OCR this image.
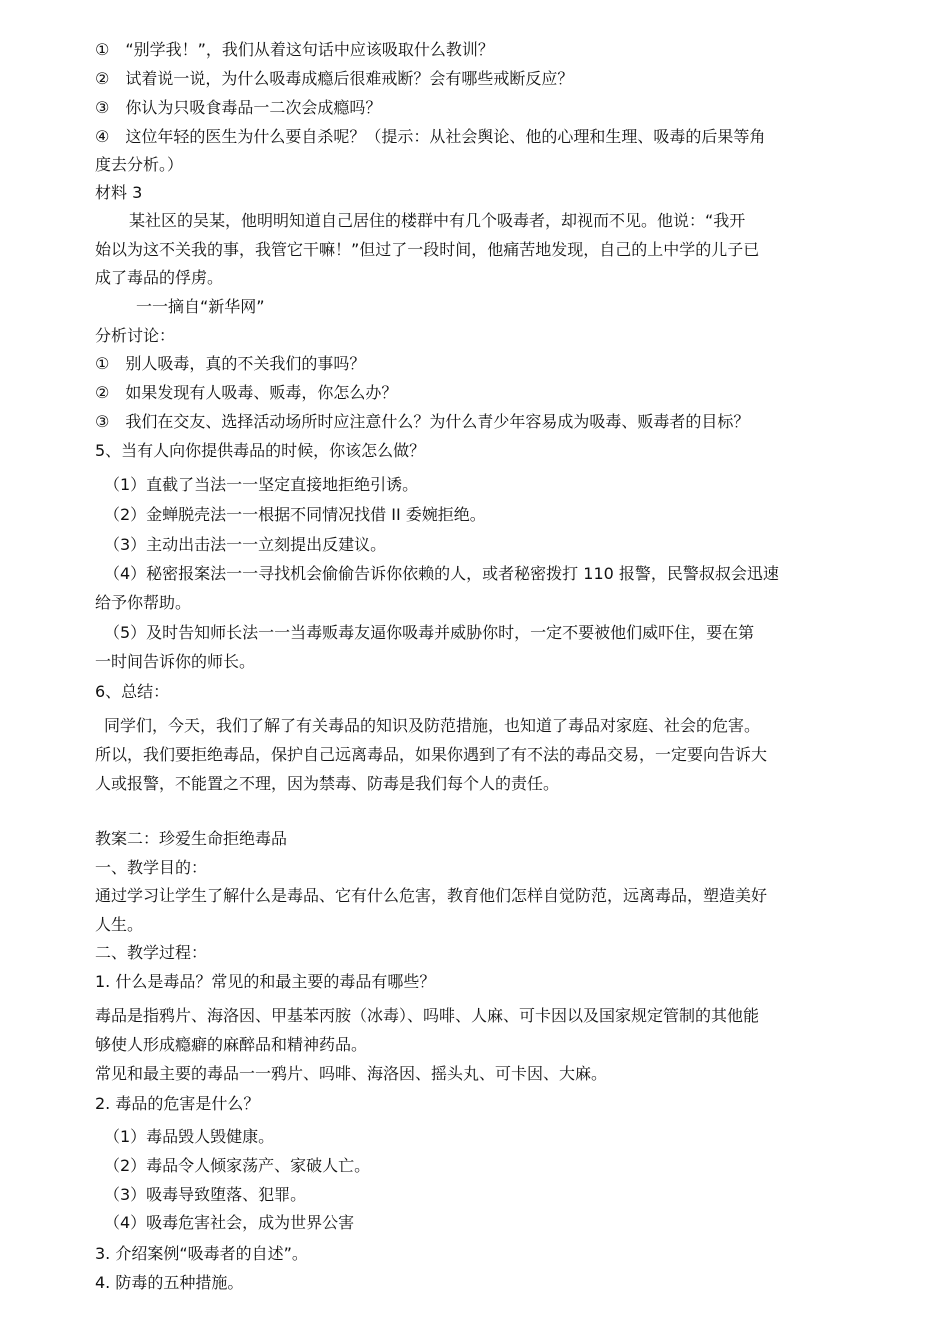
①　“别学我！”，我们从着这句话中应该吸取什么教训？
②　试着说一说，为什么吸毒成瘾后很难戒断？会有哪些戒断反应？
③　你认为只吸食毒品一二次会成瘾吗？
④　这位年轻的医生为什么要自杀呢？（提示：从社会舆论、他的心理和生理、吸毒的后果等角
度去分析。）
材料 3
某社区的吴某，他明明知道自己居住的楼群中有几个吸毒者，却视而不见。他说：“我开
始以为这不关我的事，我管它干嘛！”但过了一段时间，他痛苦地发现，自己的上中学的儿子已
成了毒品的俘虏。
一一摘自“新华网”
分析讨论：
①　别人吸毒，真的不关我们的事吗？
②　如果发现有人吸毒、贩毒，你怎么办？
③　我们在交友、选择活动场所时应注意什么？为什么青少年容易成为吸毒、贩毒者的目标？
5、当有人向你提供毒品的时候，你该怎么做？
（1）直截了当法一一坚定直接地拒绝引诱。
（2）金蝉脱壳法一一根据不同情况找借 II 委婉拒绝。
（3）主动出击法一一立刻提出反建议。
（4）秘密报案法一一寻找机会偷偷告诉你依赖的人，或者秘密拨打 110 报警，民警叔叔会迅速
给予你帮助。
（5）及时告知师长法一一当毒贩毒友逼你吸毒并威胁你时，一定不要被他们威吓住，要在第
一时间告诉你的师长。
6、总结：
同学们，今天，我们了解了有关毒品的知识及防范措施，也知道了毒品对家庭、社会的危害。
所以，我们要拒绝毒品，保护自己远离毒品，如果你遇到了有不法的毒品交易，一定要向告诉大
人或报警，不能置之不理，因为禁毒、防毒是我们每个人的责任。
教案二：珍爱生命拒绝毒品
一、教学目的：
通过学习让学生了解什么是毒品、它有什么危害，教育他们怎样自觉防范，远离毒品，塑造美好
人生。
二、教学过程：
1. 什么是毒品？常见的和最主要的毒品有哪些？
毒品是指鸦片、海洛因、甲基苯丙胺（冰毒）、吗啡、人麻、可卡因以及国家规定管制的其他能
够使人形成瘾癖的麻醉品和精神药品。
常见和最主要的毒品一一鸦片、吗啡、海洛因、摇头丸、可卡因、大麻。
2. 毒品的危害是什么？
（1）毒品毁人毁健康。
（2）毒品令人倾家荡产、家破人亡。
（3）吸毒导致堕落、犯罪。
（4）吸毒危害社会，成为世界公害
3. 介绍案例“吸毒者的自述”。
4. 防毒的五种措施。
